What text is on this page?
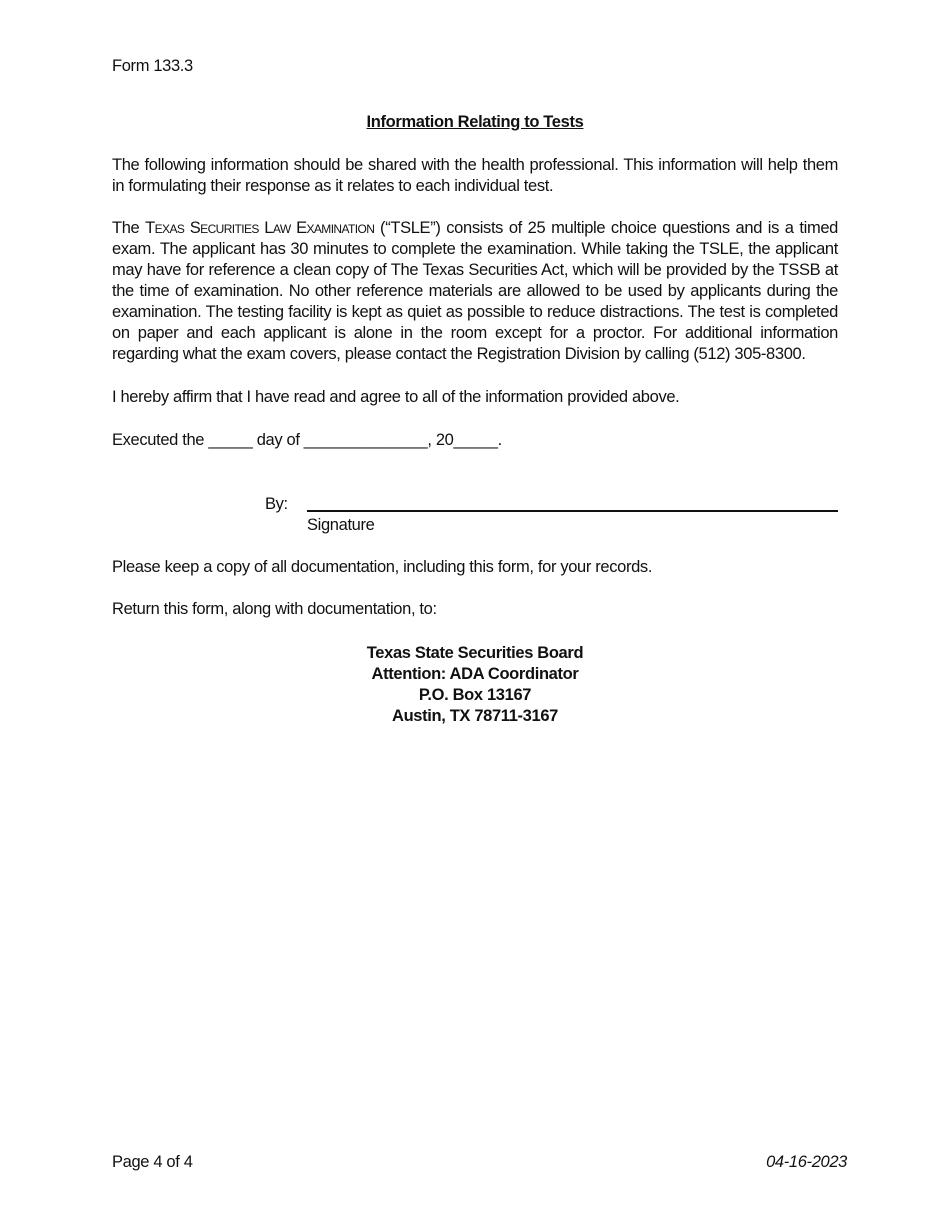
Form 133.3
Information Relating to Tests

The following information should be shared with the health professional. This information will help them in formulating their response as it relates to each individual test.

The Texas Securities Law Examination (“TSLE”) consists of 25 multiple choice questions and is a timed exam. The applicant has 30 minutes to complete the examination. While taking the TSLE, the applicant may have for reference a clean copy of The Texas Securities Act, which will be provided by the TSSB at the time of examination. No other reference materials are allowed to be used by applicants during the examination. The testing facility is kept as quiet as possible to reduce distractions. The test is completed on paper and each applicant is alone in the room except for a proctor. For additional information regarding what the exam covers, please contact the Registration Division by calling (512) 305-8300.

I hereby affirm that I have read and agree to all of the information provided above.
Executed the _____ day of ______________, 20_____.
By:
Signature
Please keep a copy of all documentation, including this form, for your records.
Return this form, along with documentation, to:
Texas State Securities Board
Attention: ADA Coordinator
P.O. Box 13167
Austin, TX 78711-3167
Page 4 of 4	04-16-2023
